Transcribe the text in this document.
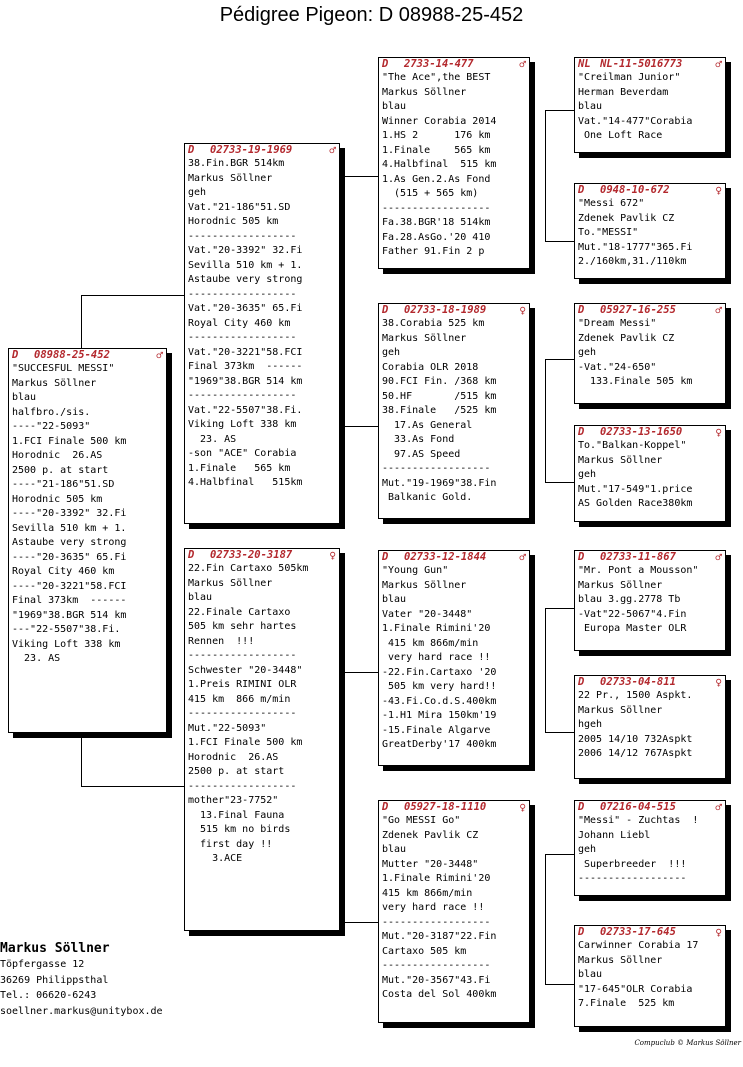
Pédigree Pigeon: D 08988-25-452
D 08988-25-452	♂
"SUCCESFUL MESSI"
Markus Söllner
blau
halfbro./sis.
----"22-5093"
1.FCI Finale 500 km
Horodnic  26.AS
2500 p. at start
----"21-186"51.SD
Horodnic 505 km
----"20-3392" 32.Fi
Sevilla 510 km + 1.
Astaube very strong
----"20-3635" 65.Fi
Royal City 460 km
----"20-3221"58.FCI
Final 373km  ------
"1969"38.BGR 514 km
---"22-5507"38.Fi.
Viking Loft 338 km
23. AS
D 02733-19-1969	♂
38.Fin.BGR 514km
Markus Söllner
geh
Vat."21-186"51.SD
Horodnic 505 km
------------------
Vat."20-3392" 32.Fi
Sevilla 510 km + 1.
Astaube very strong
------------------
Vat."20-3635" 65.Fi
Royal City 460 km
------------------
Vat."20-3221"58.FCI
Final 373km  ------
"1969"38.BGR 514 km
------------------
Vat."22-5507"38.Fi.
Viking Loft 338 km
23. AS
-son "ACE" Corabia
1.Finale   565 km
4.Halbfinal   515km
D 02733-20-3187	♀
22.Fin Cartaxo 505km
Markus Söllner
blau
22.Finale Cartaxo
505 km sehr hartes
Rennen  !!!
------------------
Schwester "20-3448"
1.Preis RIMINI OLR
415 km  866 m/min
------------------
Mut."22-5093"
1.FCI Finale 500 km
Horodnic  26.AS
2500 p. at start
------------------
mother"23-7752"
13.Final Fauna
515 km no birds
first day !!
3.ACE
D 2733-14-477	♂
"The Ace",the BEST
Markus Söllner
blau
Winner Corabia 2014
1.HS 2      176 km
1.Finale    565 km
4.Halbfinal  515 km
1.As Gen.2.As Fond
(515 + 565 km)
------------------
Fa.38.BGR'18 514km
Fa.28.AsGo.'20 410
Father 91.Fin 2 p
D 02733-18-1989	♀
38.Corabia 525 km
Markus Söllner
geh
Corabia OLR 2018
90.FCI Fin. /368 km
50.HF       /515 km
38.Finale   /525 km
17.As General
33.As Fond
97.AS Speed
------------------
Mut."19-1969"38.Fin
Balkanic Gold.
D 02733-12-1844	♂
"Young Gun"
Markus Söllner
blau
Vater "20-3448"
1.Finale Rimini'20
415 km 866m/min
very hard race !!
-22.Fin.Cartaxo '20
505 km very hard!!
-43.Fi.Co.d.S.400km
-1.H1 Mira 150km'19
-15.Finale Algarve
GreatDerby'17 400km
D 05927-18-1110	♀
"Go MESSI Go"
Zdenek Pavlik CZ
blau
Mutter "20-3448"
1.Finale Rimini'20
415 km 866m/min
very hard race !!
------------------
Mut."20-3187"22.Fin
Cartaxo 505 km
------------------
Mut."20-3567"43.Fi
Costa del Sol 400km
NL NL-11-5016773	♂
"Creilman Junior"
Herman Beverdam
blau
Vat."14-477"Corabia
One Loft Race
D 0948-10-672	♀
"Messi 672"
Zdenek Pavlik CZ
To."MESSI"
Mut."18-1777"365.Fi
2./160km,31./110km
D 05927-16-255	♂
"Dream Messi"
Zdenek Pavlik CZ
geh
-Vat."24-650"
133.Finale 505 km
D 02733-13-1650	♀
To."Balkan-Koppel"
Markus Söllner
geh
Mut."17-549"1.price
AS Golden Race380km
D 02733-11-867	♂
"Mr. Pont a Mousson"
Markus Söllner
blau 3.gg.2778 Tb
-Vat"22-5067"4.Fin
Europa Master OLR
D 02733-04-811	♀
22 Pr., 1500 Aspkt.
Markus Söllner
hgeh
2005 14/10 732Aspkt
2006 14/12 767Aspkt
D 07216-04-515	♂
"Messi" - Zuchtas  !
Johann Liebl
geh
Superbreeder  !!!
------------------
D 02733-17-645	♀
Carwinner Corabia 17
Markus Söllner
blau
"17-645"OLR Corabia
7.Finale  525 km
Markus Söllner
Töpfergasse 12
36269 Philippsthal
Tel.: 06620-6243
soellner.markus@unitybox.de
Compuclub © Markus Söllner
